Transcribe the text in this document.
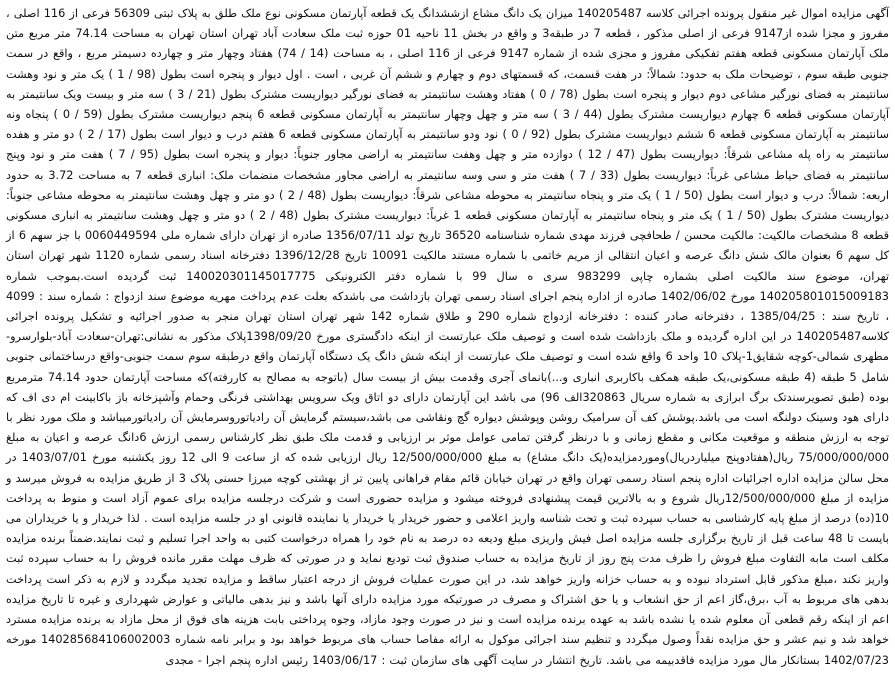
آگهی مزایده اموال غیر منقول پرونده اجرائی کلاسه 140205487 میزان یک دانگ مشاع ازششدانگ یک قطعه آپارتمان مسکونی نوع ملک طلق به پلاک ثبتی 56309 فرعی از 116 اصلی ، مفروز و مجزا شده از9147 فرعی از اصلی مذکور ، قطعه 7 در طبقه3 و واقع در بخش 11 ناحیه 01 حوزه ثبت ملک سعادت آباد تهران استان تهران به مساحت 74.14 متر مربع متن ملک آپارتمان مسکونی قطعه هفتم تفکیکی مفروز و مجزی شده از شماره 9147 فرعی از 116 اصلی ، به مساحت (14 / 74) هفتاد وچهار متر و چهارده دسیمتر مربع ، واقع در سمت جنوبی طبقه سوم ، توضیحات ملک به حدود: شمالاً: در هفت قسمت، که قسمتهای دوم و چهارم و ششم آن غربی ، است . اول دیوار و پنجره است بطول (98 / 1 ) یک متر و نود وهشت سانتیمتر به فضای نورگیر مشاعی دوم دیوار و پنجره است بطول (78 / 0 ) هفتاد وهشت سانتیمتر به فضای نورگیر دیواریست مشترک بطول (21 / 3 ) سه متر و بیست ویک سانتیمتر به آپارتمان مسکونی قطعه 6 چهارم دیواریست مشترک بطول (44 / 3 ) سه متر و چهل وچهار سانتیمتر به آپارتمان مسکونی قطعه 6 پنجم دیواریست مشترک بطول (59 / 0 ) پنجاه ونه سانتیمتر به آپارتمان مسکونی قطعه 6 ششم دیواریست مشترک بطول (92 / 0 ) نود ودو سانتیمتر به آپارتمان مسکونی قطعه 6 هفتم درب و دیوار است بطول (17 / 2 ) دو متر و هفده سانتیمتر به راه پله مشاعی شرقاً: دیواریست بطول (47 / 12 ) دوازده متر و چهل وهفت سانتیمتر به اراضی مجاور جنوباً: دیوار و پنجره است بطول (95 / 7 ) هفت متر و نود وپنج سانتیمتر به فضای حیاط مشاعی غرباً: دیواریست بطول (33 / 7 ) هفت متر و سی وسه سانتیمتر به اراضی مجاور مشخصات منضمات ملک: انباری قطعه 7 به مساحت 3.72 به حدود اربعه: شمالاً: درب و دیوار است بطول (50 / 1 ) یک متر و پنجاه سانتیمتر به محوطه مشاعی شرقاً: دیواریست بطول (48 / 2 ) دو متر و چهل وهشت سانتیمتر به محوطه مشاعی جنوباً: دیواریست مشترک بطول (50 / 1 ) یک متر و پنجاه سانتیمتر به آپارتمان مسکونی قطعه 1 غرباً: دیواریست مشترک بطول (48 / 2 ) دو متر و چهل وهشت سانتیمتر به انباری مسکونی قطعه 8 مشخصات مالکیت: مالکیت محسن / طحافچی فرزند مهدی شماره شناسنامه 36520 تاریخ تولد 1356/07/11 صادره از تهران دارای شماره ملی 0060449594 با جز سهم 6 از کل سهم 6 بعنوان مالک شش دانگ عرصه و اعیان انتقالی از مریم خاتمی با شماره مستند مالکیت 10091 تاریخ 1396/12/28 دفترخانه اسناد رسمی شماره 1120 شهر تهران استان تهران، موضوع سند مالکیت اصلی بشماره چاپی 983299 سری ه سال 99 با شماره دفتر الکترونیکی 140020301145017775 ثبت گردیده است.بموجب شماره 140205801015009183 مورخ 1402/06/02 صادره از اداره پنجم اجرای اسناد رسمی تهران بازداشت می باشدکه بعلت عدم پرداخت مهریه موضوع سند ازدواج : شماره سند : 4099 ، تاریخ سند : 1385/04/25 ، دفترخانه صادر کننده : دفترخانه ازدواج شماره 290 و طلاق شماره 142 شهر تهران استان تهران منجر به صدور اجرائیه و تشکیل پرونده اجرائی کلاسه140205487 در این اداره گردیده و ملک بازداشت شده است و توصیف ملک عبارتست از اینکه دادگستری مورخ 1398/09/20پلاک مذکور به نشانی:تهران-سعادت آباد-بلوارسرو-مطهری شمالی-کوچه شقایق1-پلاک 10 واحد 6 واقع شده است و توصیف ملک عبارتست از اینکه شش دانگ یک دستگاه آپارتمان واقع درطبقه سوم سمت جنوبی-واقع درساختمانی جنوبی شامل 5 طبقه (4 طبقه مسکونی،یک طبقه همکف باکاربری انباری و...)بانمای آجری وقدمت بیش از بیست سال (باتوجه به مصالح به کاررفته)که مساحت آپارتمان حدود 74.14 مترمربع بوده (طبق تصویرسندتک برگ ابرازی به شماره سریال 320863الف 96) می باشد این آپارتمان دارای دو اتاق ویک سرویس بهداشتی فرنگی وحمام وآشپزخانه باز باکابینت ام دی اف که دارای هود وسینک دولنگه است می باشد.پوشش کف آن سرامیک روشن وپوشش دیواره گچ ونقاشی می باشد،سیستم گرمایش آن رادیاتوروسرمایش آن رادیاتورمیباشد و ملک مورد نظر با توجه به ارزش منطقه و موقعیت مکانی و مقطع زمانی و با درنظر گرفتن تمامی عوامل موثر بر ارزیابی و قدمت ملک طبق نظر کارشناس رسمی ارزش 6دانگ عرصه و اعیان به مبلغ 75/000/000/000 ریال(هفتادوپنج میلیاردریال)وموردمزایده(یک دانگ مشاع) به مبلغ 12/500/000/000 ریال ارزیابی شده که از ساعت 9 الی 12 روز یکشنبه مورخ 1403/07/01 در محل سالن مزایده اداره اجرائیات اداره پنجم اسناد رسمی تهران واقع در تهران خیابان قائم مقام فراهانی پایین تر از بهشتی کوچه میرزا حسنی پلاک 3 از طریق مزایده به فروش میرسد و مزایده از مبلغ 12/500/000/000ریال شروع و به بالاترین قیمت پیشنهادی فروخته میشود و مزایده حضوری است و شرکت درجلسه مزایده برای عموم آزاد است و منوط به پرداخت 10(ده) درصد از مبلغ پایه کارشناسی به حساب سپرده ثبت و تحت شناسه واریز اعلامی و حضور خریدار یا خریدار یا نماینده قانونی او در جلسه مزایده است . لذا خریدار و یا خریداران می بایست تا 48 ساعت قبل از تاریخ برگزاری جلسه مزایده اصل فیش واریزی مبلغ ودیعه ده درصد به نام خود را همراه درخواست کتبی به واحد اجرا تسلیم و ثبت نمایند.ضمناً برنده مزایده مکلف است مابه التفاوت مبلغ فروش را ظرف مدت پنج روز از تاریخ مزایده به حساب صندوق ثبت تودیع نماید و در صورتی که ظرف مهلت مقرر مانده فروش را به حساب سپرده ثبت واریز نکند ،مبلغ مذکور قابل استرداد نبوده و به حساب خزانه واریز خواهد شد، در این صورت عملیات فروش از درجه اعتبار ساقط و مزایده تجدید میگردد و لازم به ذکر است پرداخت بدهی های مربوط به آب ،برق،گاز اعم از حق انشعاب و یا حق اشتراک و مصرف در صورتیکه مورد مزایده دارای آنها باشد و نیز بدهی مالیاتی و عوارض شهرداری و غیره تا تاریخ مزایده اعم از اینکه رقم قطعی آن معلوم شده یا نشده باشد به عهده برنده مزایده است و نیز در صورت وجود مازاد، وجوه پرداختی بابت هزینه های فوق از محل مازاد به برنده مزایده مسترد خواهد شد و نیم عشر و حق مزایده نقداً وصول میگردد و تنظیم سند اجرائی موکول به ارائه مفاصا حساب های مربوط خواهد بود و برابر نامه شماره 140285684106002003 مورخه 1402/07/23 بستانکار مال مورد مزایده فاقدبیمه می باشد. تاریخ انتشار در سایت آگهی های سازمان ثبت : 1403/06/17 رئیس اداره پنجم اجرا - مجدی
